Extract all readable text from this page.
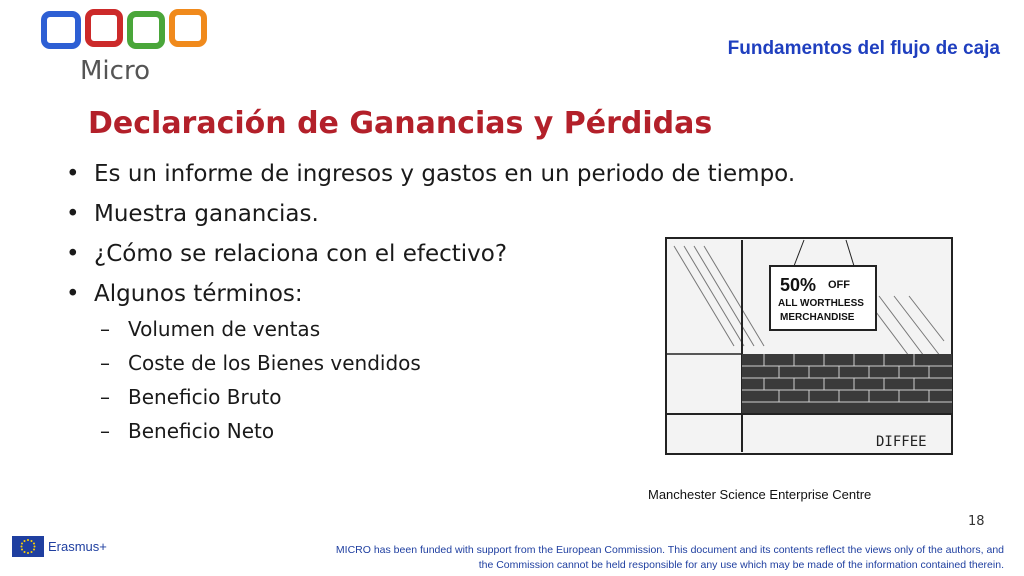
Micro
Fundamentos del flujo de caja
Declaración de Ganancias y Pérdidas
• Es un informe de ingresos y gastos en un periodo de tiempo.
• Muestra ganancias.
• ¿Cómo se relaciona con el efectivo?
• Algunos términos:
– Volumen de ventas
– Coste de los Bienes vendidos
– Beneficio Bruto
– Beneficio Neto
50% OFF
ALL WORTHLESS
MERCHANDISE
DIFFEE
Manchester Science Enterprise Centre
18
Erasmus+	MICRO has been funded with support from the European Commission. This document and its contents reflect the views only of the authors, and the Commission cannot be held responsible for any use which may be made of the information contained therein.
